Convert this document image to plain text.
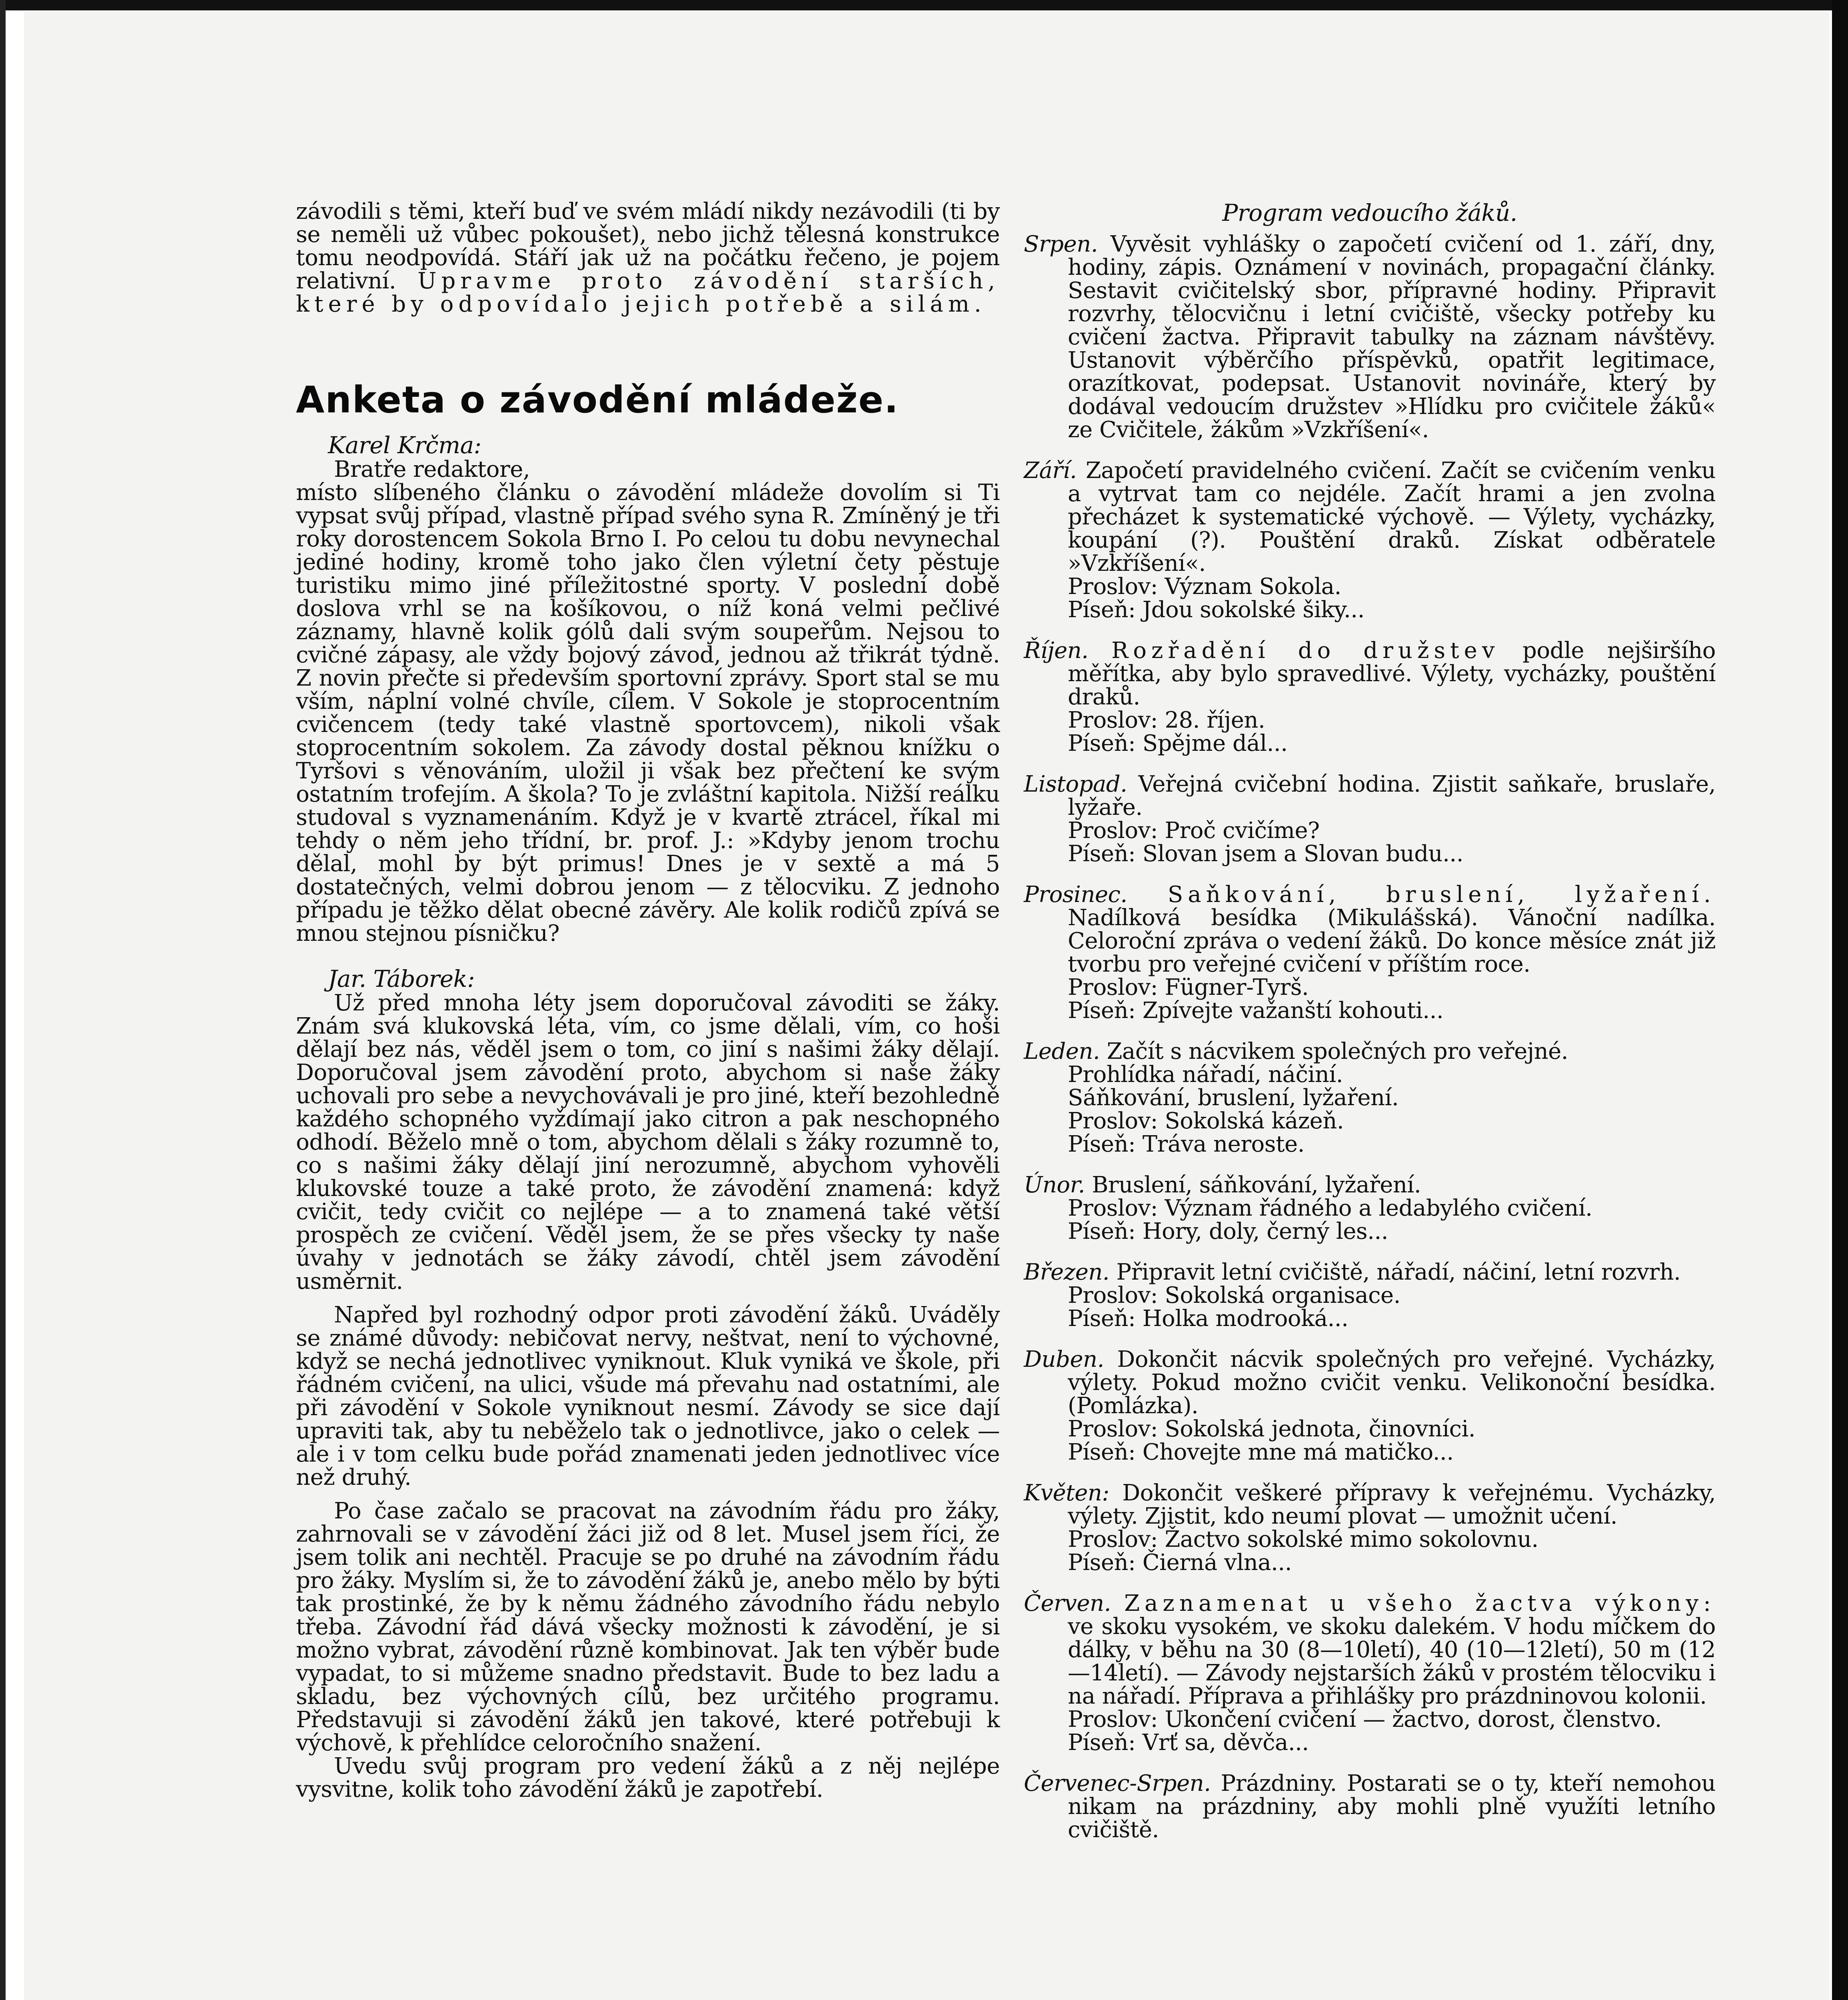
závodili s těmi, kteří buď ve svém mládí nikdy nezávodili (ti by se neměli už vůbec pokoušet), nebo jichž tělesná konstrukce tomu neodpovídá. Stáří jak už na počátku řečeno, je pojem relativní. Upravme proto závodění starších, které by odpovídalo jejich potřebě a silám.

Anketa o závodění mládeže.

Karel Krčma:

Bratře redaktore,

místo slíbeného článku o závodění mládeže dovolím si Ti vypsat svůj případ, vlastně případ svého syna R. Zmíněný je tři roky dorostencem Sokola Brno I. Po celou tu dobu nevynechal jediné hodiny, kromě toho jako člen výletní čety pěstuje turistiku mimo jiné příležitostné sporty. V poslední době doslova vrhl se na košíkovou, o níž koná velmi pečlivé záznamy, hlavně kolik gólů dali svým soupeřům. Nejsou to cvičné zápasy, ale vždy bojový závod, jednou až třikrát týdně. Z novin přečte si především sportovní zprávy. Sport stal se mu vším, náplní volné chvíle, cílem. V Sokole je stoprocentním cvičencem (tedy také vlastně sportovcem), nikoli však stoprocentním sokolem. Za závody dostal pěknou knížku o Tyršovi s věnováním, uložil ji však bez přečtení ke svým ostatním trofejím. A škola? To je zvláštní kapitola. Nižší reálku studoval s vyznamenáním. Když je v kvartě ztrácel, říkal mi tehdy o něm jeho třídní, br. prof. J.: »Kdyby jenom trochu dělal, mohl by být primus! Dnes je v sextě a má 5 dostatečných, velmi dobrou jenom — z tělocviku. Z jednoho případu je těžko dělat obecné závěry. Ale kolik rodičů zpívá se mnou stejnou písničku?

Jar. Táborek:

Už před mnoha léty jsem doporučoval závoditi se žáky. Znám svá klukovská léta, vím, co jsme dělali, vím, co hoši dělají bez nás, věděl jsem o tom, co jiní s našimi žáky dělají. Doporučoval jsem závodění proto, abychom si naše žáky uchovali pro sebe a nevychovávali je pro jiné, kteří bezohledně každého schopného vyždímají jako citron a pak neschopného odhodí. Běželo mně o tom, abychom dělali s žáky rozumně to, co s našimi žáky dělají jiní nerozumně, abychom vyhověli klukovské touze a také proto, že závodění znamená: když cvičit, tedy cvičit co nejlépe — a to znamená také větší prospěch ze cvičení. Věděl jsem, že se přes všecky ty naše úvahy v jednotách se žáky závodí, chtěl jsem závodění usměrnit.

Napřed byl rozhodný odpor proti závodění žáků. Uváděly se známé důvody: nebičovat nervy, neštvat, není to výchovné, když se nechá jednotlivec vyniknout. Kluk vyniká ve škole, při řádném cvičení, na ulici, všude má převahu nad ostatními, ale při závodění v Sokole vyniknout nesmí. Závody se sice dají upraviti tak, aby tu neběželo tak o jednotlivce, jako o celek — ale i v tom celku bude pořád znamenati jeden jednotlivec více než druhý.

Po čase začalo se pracovat na závodním řádu pro žáky, zahrnovali se v závodění žáci již od 8 let. Musel jsem říci, že jsem tolik ani nechtěl. Pracuje se po druhé na závodním řádu pro žáky. Myslím si, že to závodění žáků je, anebo mělo by býti tak prostinké, že by k němu žádného závodního řádu nebylo třeba. Závodní řád dává všecky možnosti k závodění, je si možno vybrat, závodění různě kombinovat. Jak ten výběr bude vypadat, to si můžeme snadno představit. Bude to bez ladu a skladu, bez výchovných cílů, bez určitého programu. Představuji si závodění žáků jen takové, které potřebuji k výchově, k přehlídce celoročního snažení.

Uvedu svůj program pro vedení žáků a z něj nejlépe vysvitne, kolik toho závodění žáků je zapotřebí.

Program vedoucího žáků.

Srpen. Vyvěsit vyhlášky o započetí cvičení od 1. září, dny, hodiny, zápis. Oznámení v novinách, propagační články. Sestavit cvičitelský sbor, přípravné hodiny. Připravit rozvrhy, tělocvičnu i letní cvičiště, všecky potřeby ku cvičení žactva. Připravit tabulky na záznam návštěvy. Ustanovit výběrčího příspěvků, opatřit legitimace, orazítkovat, podepsat. Ustanovit novináře, který by dodával vedoucím družstev »Hlídku pro cvičitele žáků« ze Cvičitele, žákům »Vzkříšení«.

Září. Započetí pravidelného cvičení. Začít se cvičením venku a vytrvat tam co nejdéle. Začít hrami a jen zvolna přecházet k systematické výchově. — Výlety, vycházky, koupání (?). Pouštění draků. Získat odběratele »Vzkříšení«.

Proslov: Význam Sokola.

Píseň: Jdou sokolské šiky...

Říjen. Rozřadění do družstev podle nejširšího měřítka, aby bylo spravedlivé. Výlety, vycházky, pouštění draků.

Proslov: 28. říjen.

Píseň: Spějme dál...

Listopad. Veřejná cvičební hodina. Zjistit saňkaře, bruslaře, lyžaře.

Proslov: Proč cvičíme?

Píseň: Slovan jsem a Slovan budu...

Prosinec. Saňkování, bruslení, lyžaření. Nadílková besídka (Mikulášská). Vánoční nadílka. Celoroční zpráva o vedení žáků. Do konce měsíce znát již tvorbu pro veřejné cvičení v příštím roce.

Proslov: Fügner-Tyrš.

Píseň: Zpívejte važanští kohouti...

Leden. Začít s nácvikem společných pro veřejné.

Prohlídka nářadí, náčiní.

Sáňkování, bruslení, lyžaření.

Proslov: Sokolská kázeň.

Píseň: Tráva neroste.

Únor. Bruslení, sáňkování, lyžaření.

Proslov: Význam řádného a ledabylého cvičení.

Píseň: Hory, doly, černý les...

Březen. Připravit letní cvičiště, nářadí, náčiní, letní rozvrh.

Proslov: Sokolská organisace.

Píseň: Holka modrooká...

Duben. Dokončit nácvik společných pro veřejné. Vycházky, výlety. Pokud možno cvičit venku. Velikonoční besídka. (Pomlázka).

Proslov: Sokolská jednota, činovníci.

Píseň: Chovejte mne má matičko...

Květen: Dokončit veškeré přípravy k veřejnému. Vycházky, výlety. Zjistit, kdo neumí plovat — umožnit učení.

Proslov: Žactvo sokolské mimo sokolovnu.

Píseň: Čierná vlna...

Červen. Zaznamenat u všeho žactva výkony: ve skoku vysokém, ve skoku dalekém. V hodu míčkem do dálky, v běhu na 30 (8—10letí), 40 (10—12letí), 50 m (12—14letí). — Závody nejstarších žáků v prostém tělocviku i na nářadí. Příprava a přihlášky pro prázdninovou kolonii.

Proslov: Ukončení cvičení — žactvo, dorost, členstvo.

Píseň: Vrť sa, děvča...

Červenec-Srpen. Prázdniny. Postarati se o ty, kteří nemohou nikam na prázdniny, aby mohli plně využíti letního cvičiště.
